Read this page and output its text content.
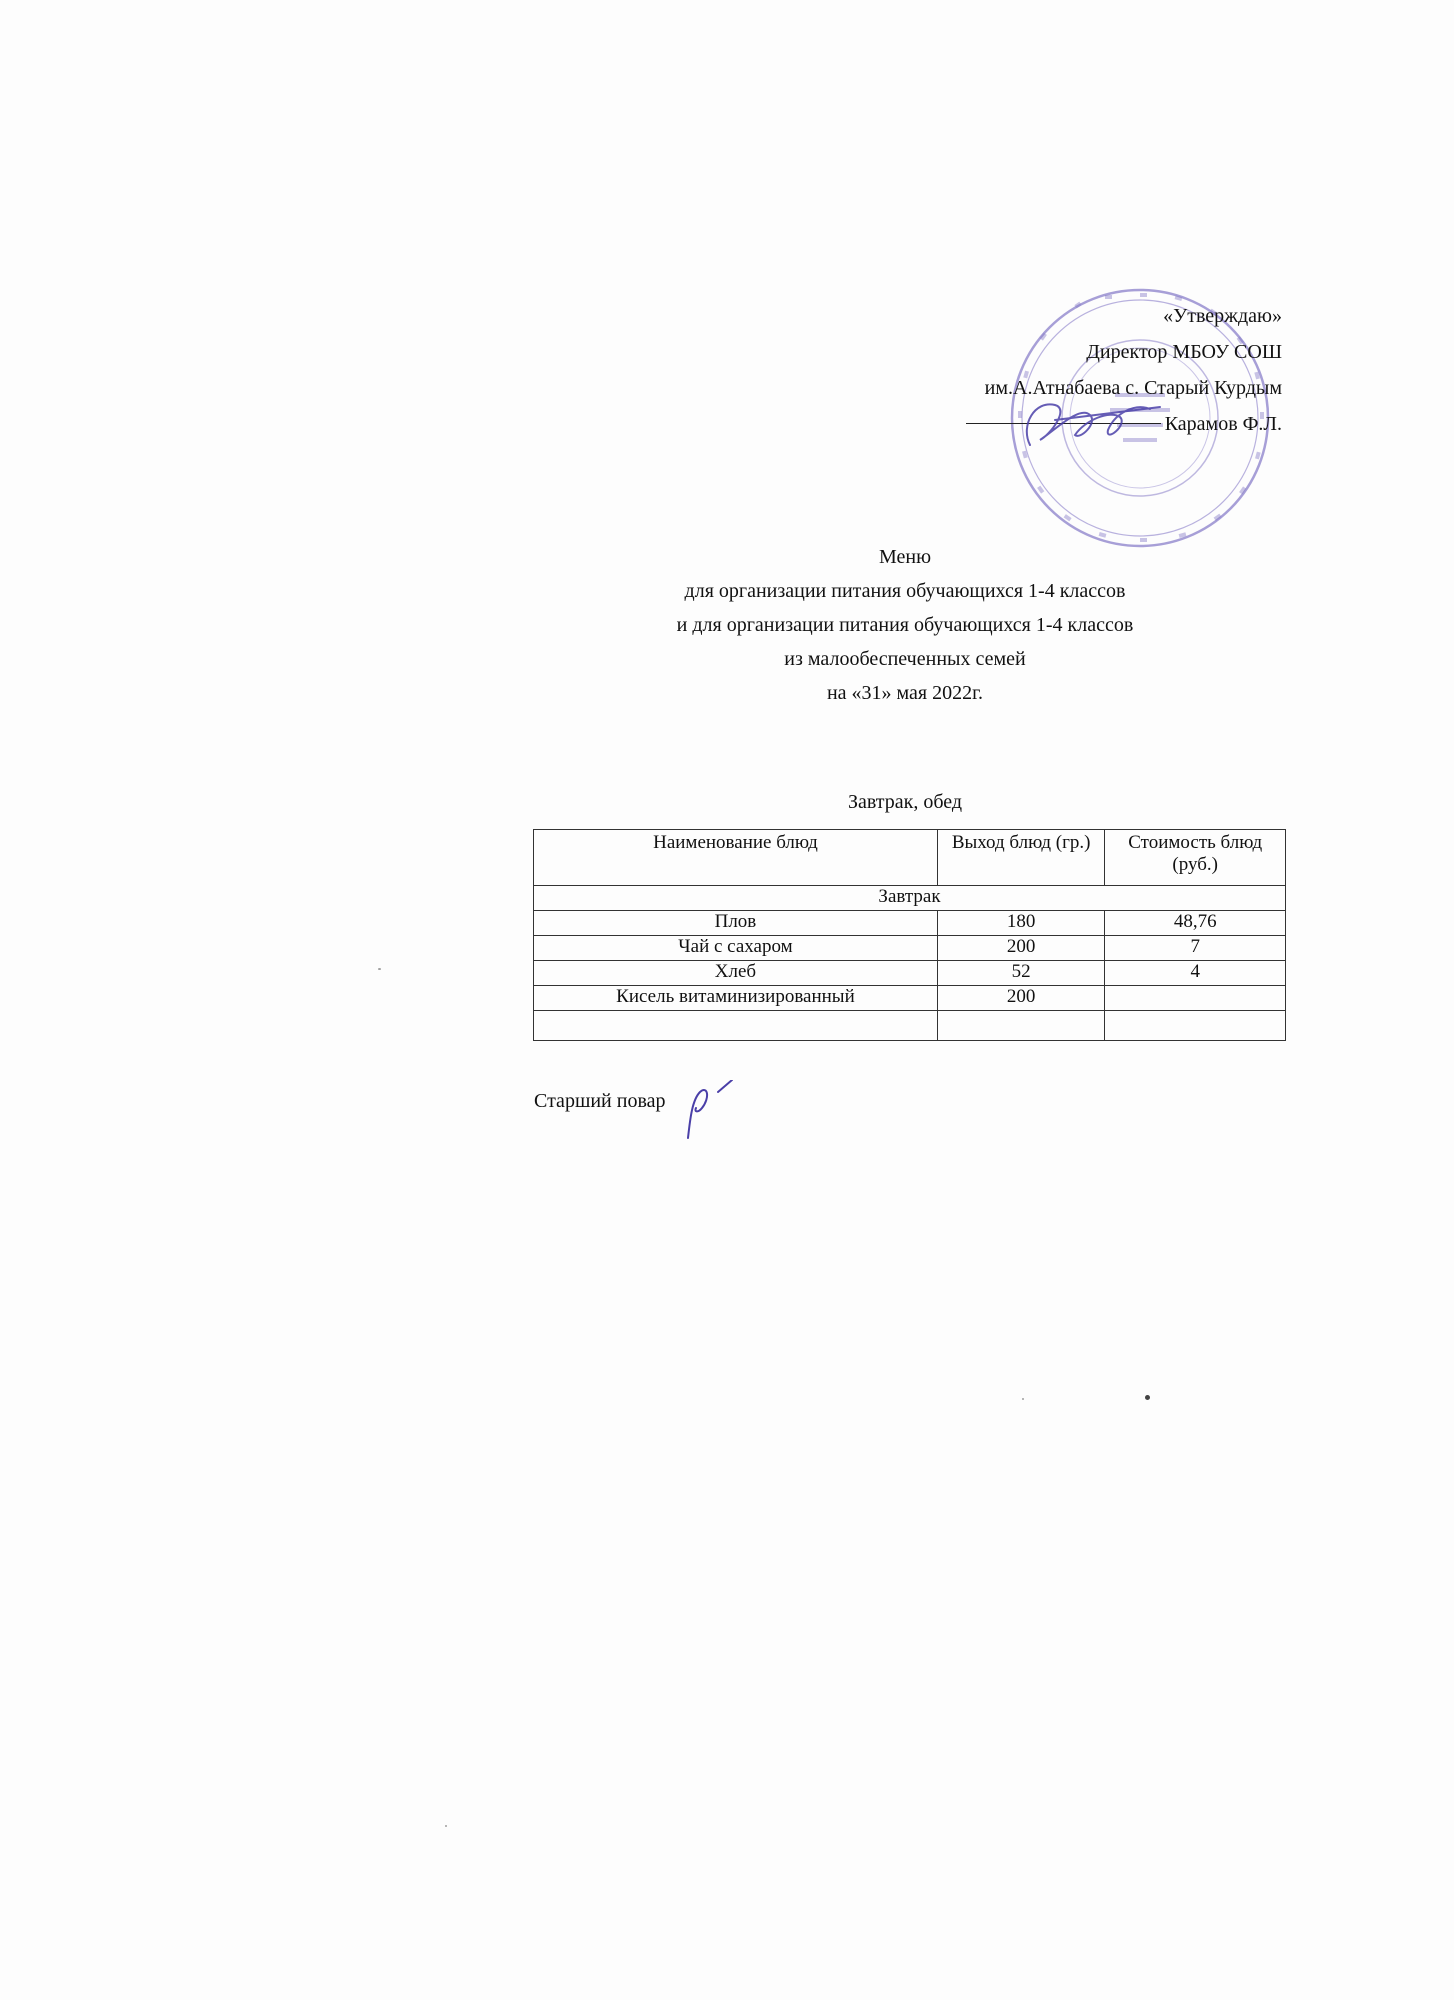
«Утверждаю»
Директор МБОУ СОШ
им.А.Атнабаева с. Старый Курдым
Карамов Ф.Л.
Меню
для организации питания обучающихся 1-4 классов
и для организации питания обучающихся 1-4 классов
из малообеспеченных семей
на «31» мая 2022г.
Завтрак, обед
Наименование блюд	Выход блюд (гр.)	Стоимость блюд (руб.)
Завтрак		
Плов	180	48,76
Чай с сахаром	200	7
Хлеб	52	4
Кисель витаминизированный	200	

Старший повар
